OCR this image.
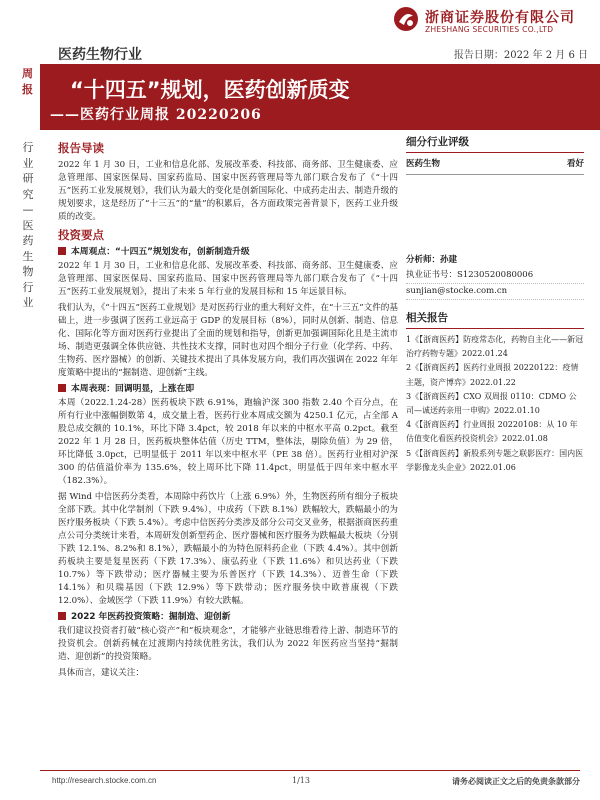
浙商证券股份有限公司
ZHESHANG SECURITIES CO.,LTD
医药生物行业	报告日期：2022 年 2 月 6 日
周报
行业研究—医药生物行业
“十四五”规划，医药创新质变
——医药行业周报 20220206
报告导读
2022 年 1 月 30 日，工业和信息化部、发展改革委、科技部、商务部、卫生健康委、应急管理部、国家医保局、国家药监局、国家中医药管理局等九部门联合发布了《“十四五”医药工业发展规划》，我们认为最大的变化是创新国际化、中成药走出去、制造升级的规划要求，这是经历了“十三五”的“量”的积累后，各方面政策完善背景下，医药工业升级质的改变。
投资要点
本周观点：“十四五”规划发布，创新制造升级
2022 年 1 月 30 日，工业和信息化部、发展改革委、科技部、商务部、卫生健康委、应急管理部、国家医保局、国家药监局、国家中医药管理局等九部门联合发布了《“十四五”医药工业发展规划》，提出了未来 5 年行业的发展目标和 15 年远景目标。
我们认为，《“十四五”医药工业规划》是对医药行业的重大利好文件，在“十三五”文件的基础上，进一步强调了医药工业远高于 GDP 的发展目标（8%），同时从创新、制造、信息化、国际化等方面对医药行业提出了全面的规划和指导，创新更加强调国际化且是主流市场、制造更强调全体供应链、共性技术支撑，同时也对四个细分子行业（化学药、中药、生物药、医疗器械）的创新、关键技术提出了具体发展方向，我们再次强调在 2022 年年度策略中提出的“掘制造、迎创新”主线。
本周表现：回调明显，上涨在即
本周（2022.1.24-28）医药板块下跌 6.91%，跑输沪深 300 指数 2.40 个百分点，在所有行业中涨幅倒数第 4，成交量上看，医药行业本周成交额为 4250.1 亿元，占全部 A 股总成交额的 10.1%，环比下降 3.4pct，较 2018 年以来的中枢水平高 0.2pct。截至 2022 年 1 月 28 日，医药板块整体估值（历史 TTM，整体法，剔除负值）为 29 倍，环比降低 3.0pct，已明显低于 2011 年以来中枢水平（PE 38 倍）。医药行业相对沪深 300 的估值溢价率为 135.6%，较上周环比下降 11.4pct，明显低于四年来中枢水平（182.3%）。
据 Wind 中信医药分类看，本周除中药饮片（上涨 6.9%）外，生物医药所有细分子板块全部下跌。其中化学制剂（下跌 9.4%），中成药（下跌 8.1%）跌幅较大，跌幅最小的为医疗服务板块（下跌 5.4%）。考虑中信医药分类涉及部分公司交叉业务，根据浙商医药重点公司分类统计来看，本周研发创新型药企、医疗器械和医疗服务为跌幅最大板块（分别下跌 12.1%、8.2%和 8.1%），跌幅最小的为特色原料药企业（下跌 4.4%）。其中创新药板块主要是复星医药（下跌 17.3%）、康弘药业（下跌 11.6%）和贝达药业（下跌 10.7%）等下跌带动；医疗器械主要为乐普医疗（下跌 14.3%）、迈普生命（下跌 14.1%）和贝瑞基因（下跌 12.9%）等下跌带动；医疗服务快中欧普康视（下跌 12.0%）、金域医学（下跌 11.9%）有较大跌幅。
2022 年医药投资策略：掘制造、迎创新
我们建议投资者打破“核心资产”和“板块观念”，才能够产业链思维看待上游、制造环节的投资机会。创新药械在过渡期内持续优胜劣汰，我们认为 2022 年医药应当坚持“掘制造、迎创新”的投资策略。
具体而言，建议关注：
细分行业评级
医药生物	看好
分析师：孙建
执业证书号：S1230520080006
sunjian@stocke.com.cn
相关报告
1《【浙商医药】防疫常态化，药物自主化——新冠治疗药物专题》2022.01.24
2《【浙商医药】医药行业周报 20220122：疫情主题，资产博弈》2022.01.22
3《【浙商医药】CXO 双周报 0110：CDMO 公司—诚送药亲用一申购》2022.01.10
4《【浙商医药】行业周报 20220108：从 10 年估值变化看医药投资机会》2022.01.08
5《【浙商医药】新股系列专题之联影医疗：国内医学影像龙头企业》2022.01.06
http://research.stocke.com.cn	1/13	请务必阅读正文之后的免责条款部分
